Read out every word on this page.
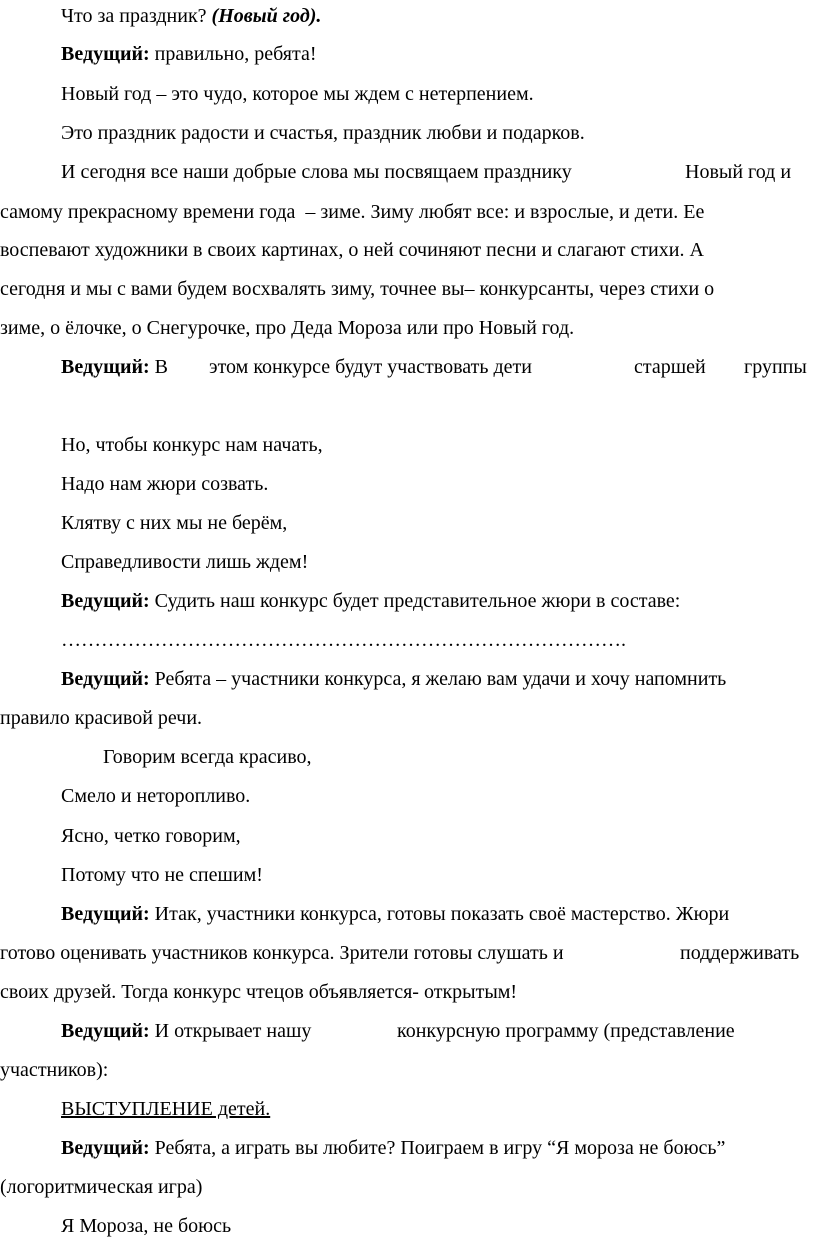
Что за праздник? (Новый год).
Ведущий: правильно, ребята!
Новый год – это чудо, которое мы ждем с нетерпением.
Это праздник радости и счастья, праздник любви и подарков.
И сегодня все наши добрые слова мы посвящаем празднику	Новый год и
самому прекрасному времени года  – зиме. Зиму любят все: и взрослые, и дети. Ее
воспевают художники в своих картинах, о ней сочиняют песни и слагают стихи. А
сегодня и мы с вами будем восхвалять зиму, точнее вы– конкурсанты, через стихи о
зиме, о ёлочке, о Снегурочке, про Деда Мороза или про Новый год.
Ведущий: В этом конкурсе будут участвовать дети	старшей группы
Но, чтобы конкурс нам начать,
Надо нам жюри созвать.
Клятву с них мы не берём,
Справедливости лишь ждем!
Ведущий: Судить наш конкурс будет представительное жюри в составе:
………………………………………………………………………….
Ведущий: Ребята – участники конкурса, я желаю вам удачи и хочу напомнить
правило красивой речи.
Говорим всегда красиво,
Смело и неторопливо.
Ясно, четко говорим,
Потому что не спешим!
Ведущий: Итак, участники конкурса, готовы показать своё мастерство. Жюри
готово оценивать участников конкурса. Зрители готовы слушать и	поддерживать
своих друзей. Тогда конкурс чтецов объявляется- открытым!
Ведущий: И открывает нашу	конкурсную программу (представление
участников):
ВЫСТУПЛЕНИЕ детей.
Ведущий: Ребята, а играть вы любите? Поиграем в игру “Я мороза не боюсь”
(логоритмическая игра)
Я Мороза, не боюсь
